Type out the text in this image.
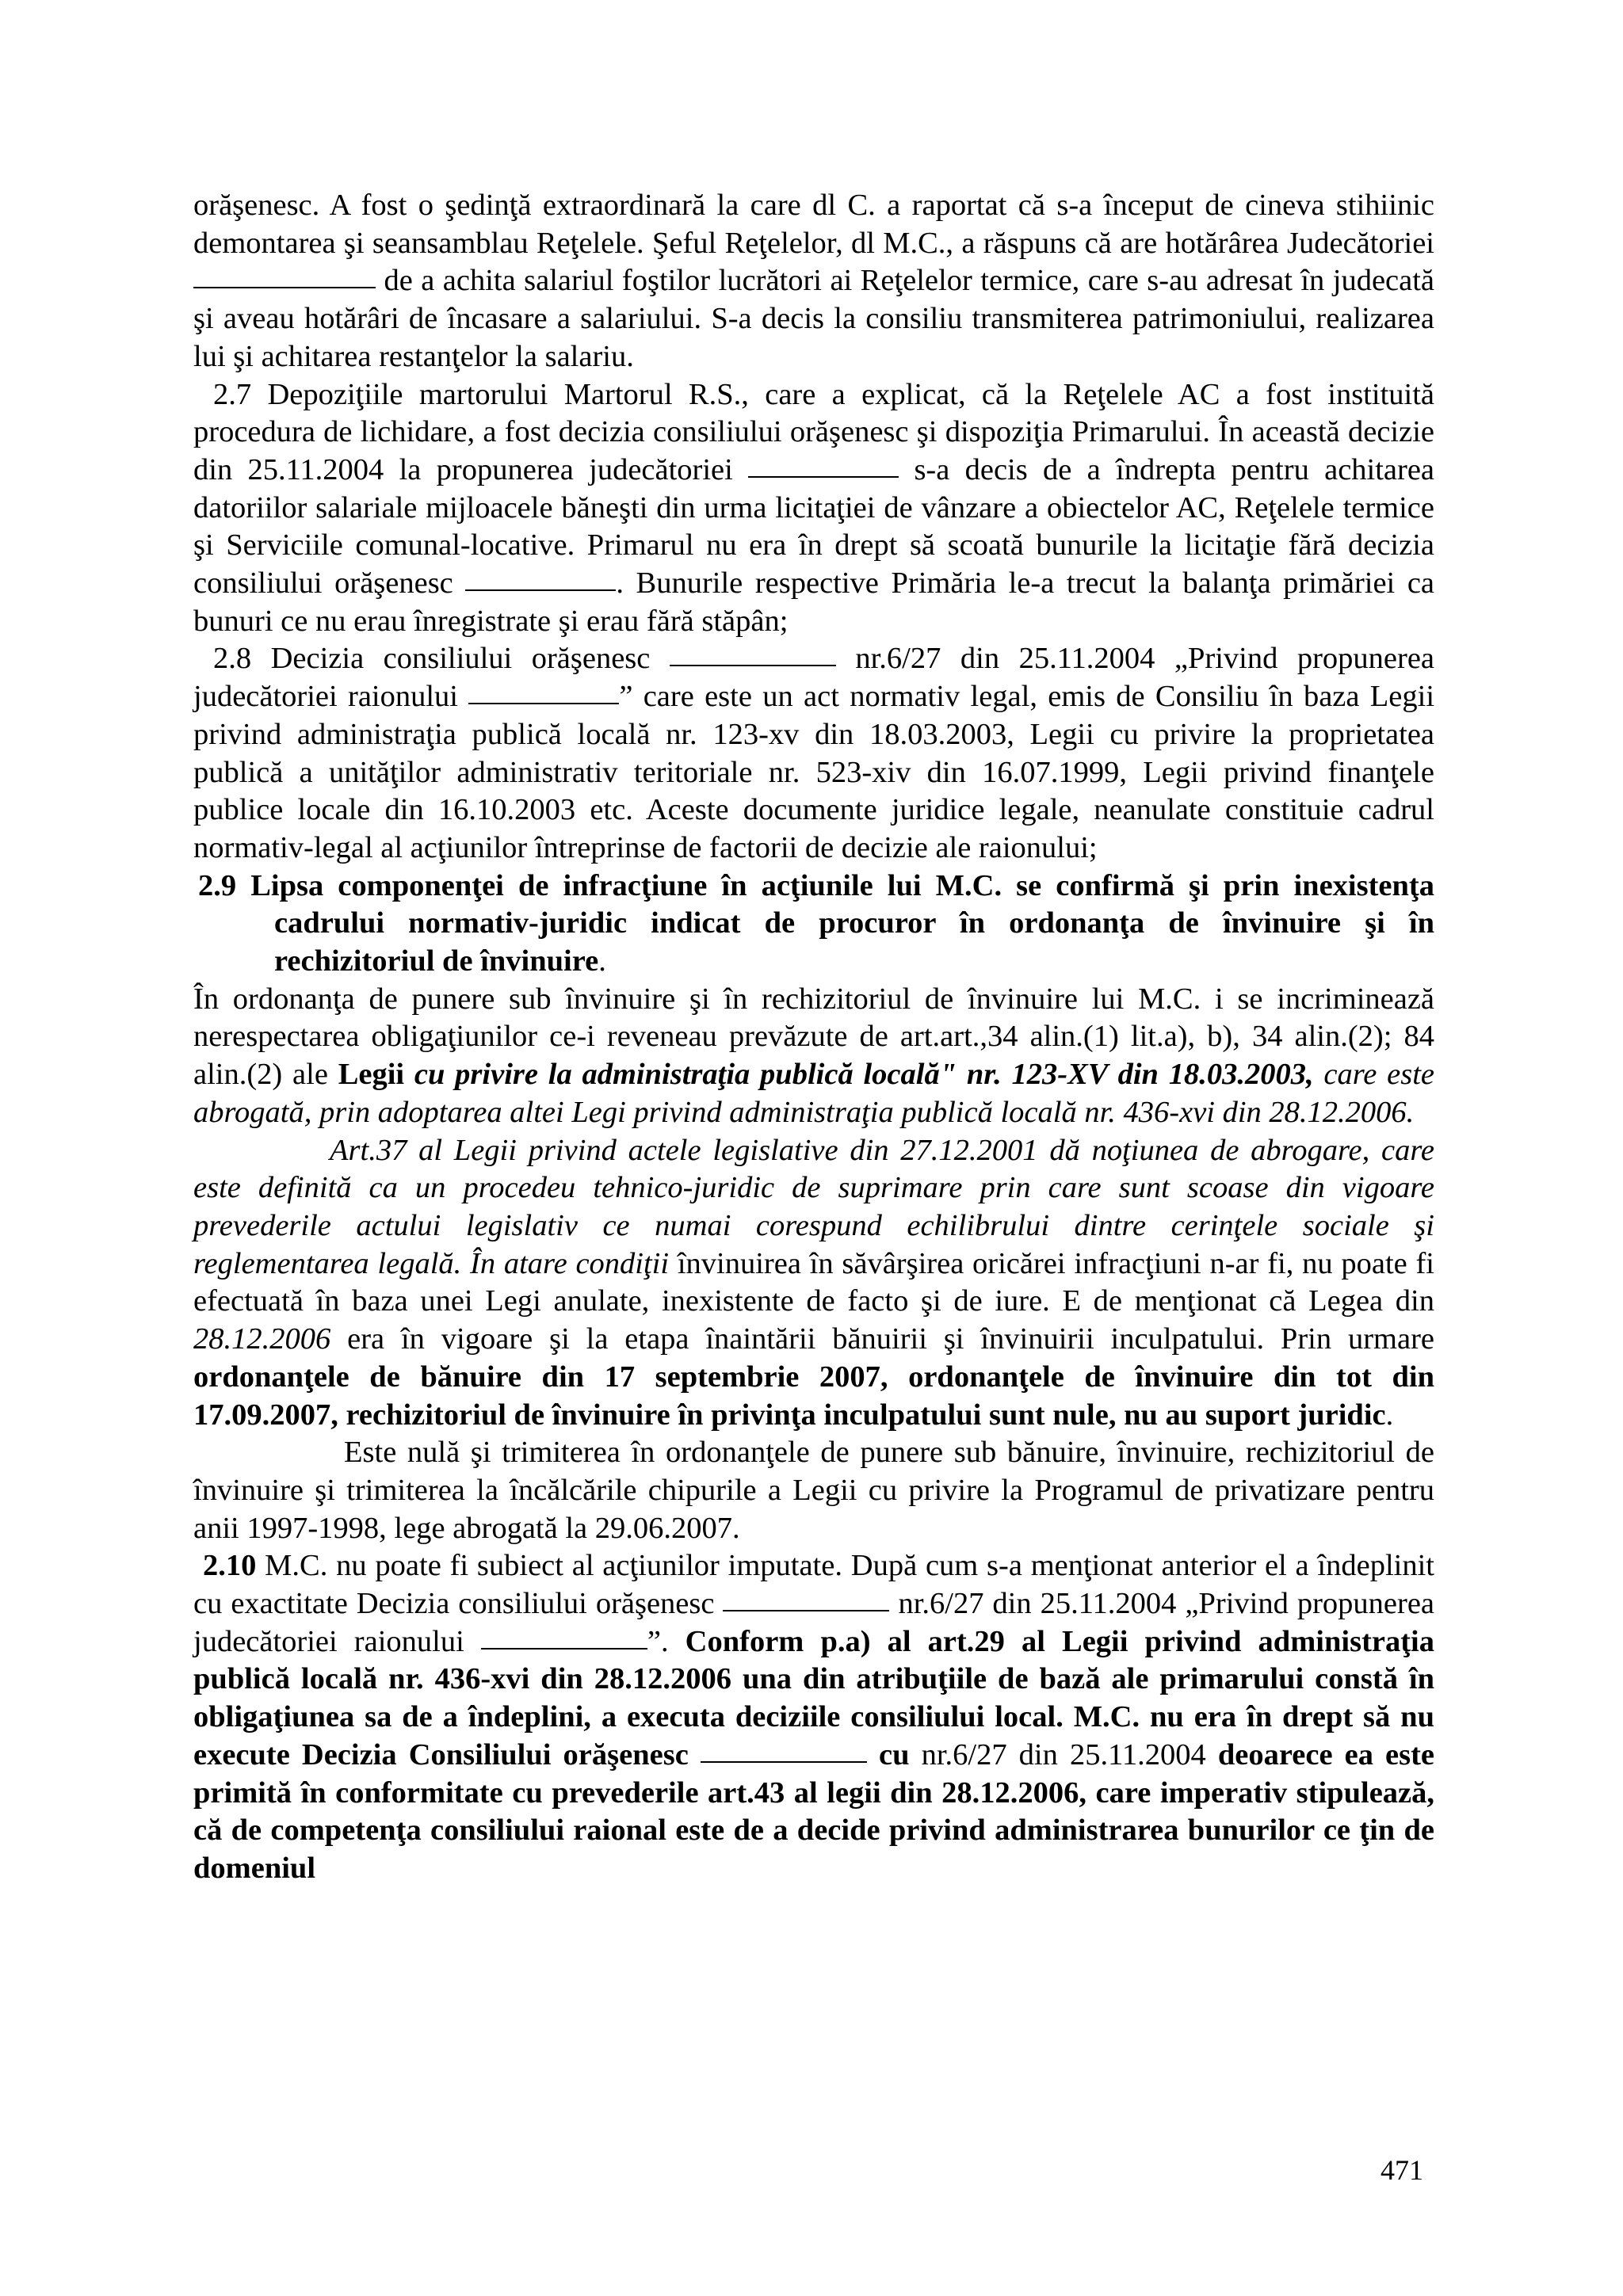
orăşenesc. A fost o şedinţă extraordinară la care dl C. a raportat că s-a început de cineva stihiinic demontarea şi seansamblau Reţelele. Şeful Reţelelor, dl M.C., a răspuns că are hotărârea Judecătoriei  de a achita salariul foştilor lucrători ai Reţelelor termice, care s-au adresat în judecată şi aveau hotărâri de încasare a salariului. S-a decis la consiliu transmiterea patrimoniului, realizarea lui şi achitarea restanţelor la salariu.

2.7 Depoziţiile martorului Martorul R.S., care a explicat, că la Reţelele AC a fost instituită procedura de lichidare, a fost decizia consiliului orăşenesc şi dispoziţia Primarului. În această decizie din 25.11.2004 la propunerea judecătoriei	s-a decis de a îndrepta pentru achitarea datoriilor salariale mijloacele băneşti din urma licitaţiei de vânzare a obiectelor AC, Reţelele termice şi Serviciile comunal-locative. Primarul nu era în drept să scoată bunurile la licitaţie fără decizia consiliului orăşenesc	. Bunurile respective Primăria le-a trecut la balanţa primăriei ca bunuri ce nu erau înregistrate şi erau fără stăpân;

2.8 Decizia consiliului orăşenesc	nr.6/27 din 25.11.2004 „Privind propunerea judecătoriei raionului	” care este un act normativ legal, emis de Consiliu în baza Legii privind administraţia publică locală nr. 123-xv din 18.03.2003, Legii cu privire la proprietatea publică a unităţilor administrativ teritoriale nr. 523-xiv din 16.07.1999, Legii privind finanţele publice locale din 16.10.2003 etc. Aceste documente juridice legale, neanulate constituie cadrul normativ-legal al acţiunilor întreprinse de factorii de decizie ale raionului;

2.9 Lipsa componenţei de infracţiune în acţiunile lui M.C. se confirmă şi prin inexistenţa cadrului normativ-juridic indicat de procuror în ordonanţa de învinuire şi în rechizitoriul de învinuire.

În ordonanţa de punere sub învinuire şi în rechizitoriul de învinuire lui M.C. i se incriminează nerespectarea obligaţiunilor ce-i reveneau prevăzute de art.art.,34 alin.(1) lit.a), b), 34 alin.(2); 84 alin.(2) ale Legii cu privire la administraţia publică locală" nr. 123-XV din 18.03.2003, care este abrogată, prin adoptarea altei Legi privind administraţia publică locală nr. 436-xvi din 28.12.2006.

Art.37 al Legii privind actele legislative din 27.12.2001 dă noţiunea de abrogare, care este definită ca un procedeu tehnico-juridic de suprimare prin care sunt scoase din vigoare prevederile actului legislativ ce numai corespund echilibrului dintre cerinţele sociale şi reglementarea legală. În atare condiţii învinuirea în săvârşirea oricărei infracţiuni n-ar fi, nu poate fi efectuată în baza unei Legi anulate, inexistente de facto şi de iure. E de menţionat că Legea din 28.12.2006 era în vigoare şi la etapa înaintării bănuirii şi învinuirii inculpatului. Prin urmare ordonanţele de bănuire din 17 septembrie 2007, ordonanţele de învinuire din tot din 17.09.2007, rechizitoriul de învinuire în privinţa inculpatului sunt nule, nu au suport juridic.

Este nulă şi trimiterea în ordonanţele de punere sub bănuire, învinuire, rechizitoriul de învinuire şi trimiterea la încălcările chipurile a Legii cu privire la Programul de privatizare pentru anii 1997-1998, lege abrogată la 29.06.2007.

2.10 M.C. nu poate fi subiect al acţiunilor imputate. După cum s-a menţionat anterior el a îndeplinit cu exactitate Decizia consiliului orăşenesc	nr.6/27 din 25.11.2004 „Privind propunerea judecătoriei raionului	”. Conform p.a) al art.29 al Legii privind administraţia publică locală nr. 436-xvi din 28.12.2006 una din atribuţiile de bază ale primarului constă în obligaţiunea sa de a îndeplini, a executa deciziile consiliului local. M.C. nu era în drept să nu execute Decizia Consiliului orăşenesc	cu nr.6/27 din 25.11.2004 deoarece ea este primită în conformitate cu prevederile art.43 al legii din 28.12.2006, care imperativ stipulează, că de competenţa consiliului raional este de a decide privind administrarea bunurilor ce ţin de domeniul

471
